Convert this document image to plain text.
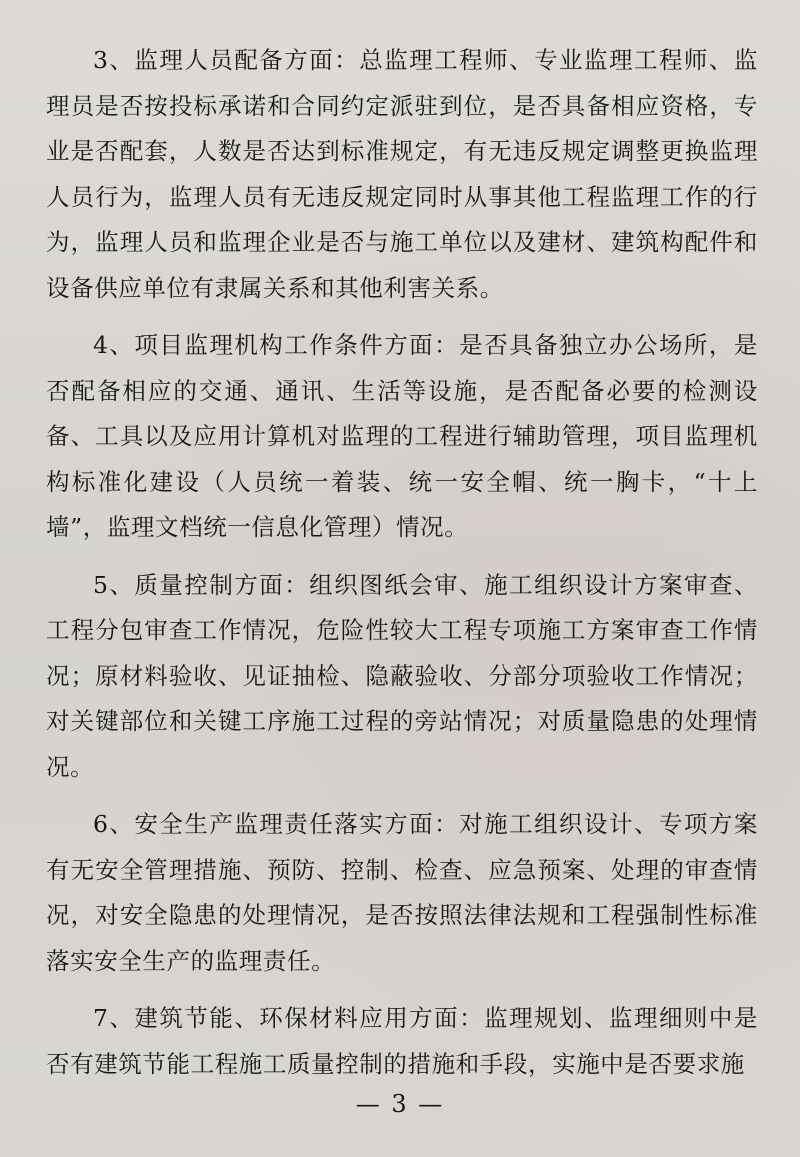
3、监理人员配备方面：总监理工程师、专业监理工程师、监理员是否按投标承诺和合同约定派驻到位，是否具备相应资格，专业是否配套，人数是否达到标准规定，有无违反规定调整更换监理人员行为，监理人员有无违反规定同时从事其他工程监理工作的行为，监理人员和监理企业是否与施工单位以及建材、建筑构配件和设备供应单位有隶属关系和其他利害关系。

4、项目监理机构工作条件方面：是否具备独立办公场所，是否配备相应的交通、通讯、生活等设施，是否配备必要的检测设备、工具以及应用计算机对监理的工程进行辅助管理，项目监理机构标准化建设（人员统一着装、统一安全帽、统一胸卡，“十上墙”，监理文档统一信息化管理）情况。

5、质量控制方面：组织图纸会审、施工组织设计方案审查、工程分包审查工作情况，危险性较大工程专项施工方案审查工作情况；原材料验收、见证抽检、隐蔽验收、分部分项验收工作情况；对关键部位和关键工序施工过程的旁站情况；对质量隐患的处理情况。

6、安全生产监理责任落实方面：对施工组织设计、专项方案有无安全管理措施、预防、控制、检查、应急预案、处理的审查情况，对安全隐患的处理情况，是否按照法律法规和工程强制性标准落实安全生产的监理责任。

7、建筑节能、环保材料应用方面：监理规划、监理细则中是否有建筑节能工程施工质量控制的措施和手段，实施中是否要求施

— 3 —
